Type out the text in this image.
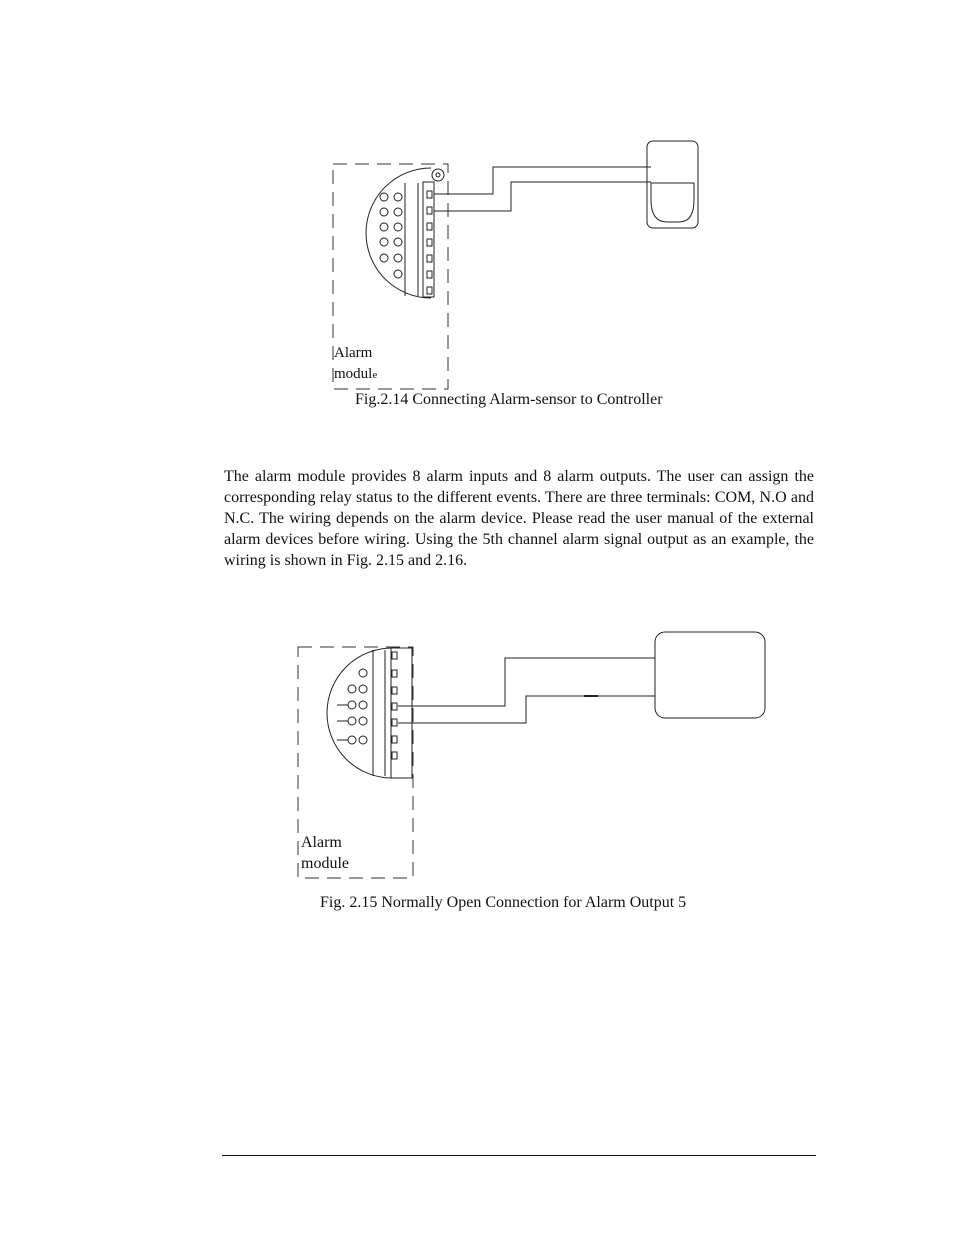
Alarm
module
Fig.2.14 Connecting Alarm-sensor to Controller
The alarm module provides 8 alarm inputs and 8 alarm outputs. The user can assign the corresponding relay status to the different events. There are three terminals: COM, N.O and N.C. The wiring depends on the alarm device. Please read the user manual of the external alarm devices before wiring. Using the 5th channel alarm signal output as an example, the wiring is shown in Fig. 2.15 and 2.16.
Alarm
module
Fig. 2.15 Normally Open Connection for Alarm Output 5
